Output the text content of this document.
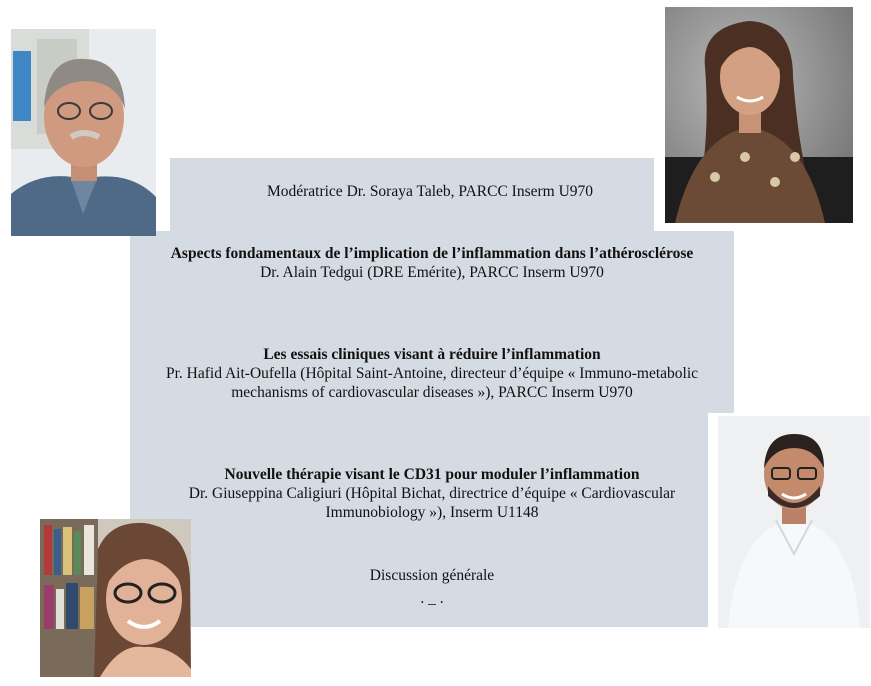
Modératrice Dr. Soraya Taleb, PARCC Inserm U970
Aspects fondamentaux de l’implication de l’inflammation dans l’athérosclérose
Dr. Alain Tedgui (DRE Emérite), PARCC Inserm U970
Les essais cliniques visant à réduire l’inflammation
Pr. Hafid Ait-Oufella (Hôpital Saint-Antoine, directeur d’équipe « Immuno-metabolic
mechanisms of cardiovascular diseases »), PARCC Inserm U970
Nouvelle thérapie visant le CD31 pour moduler l’inflammation
Dr. Giuseppina Caligiuri (Hôpital Bichat, directrice d’équipe « Cardiovascular
Immunobiology »), Inserm U1148
Discussion générale
. _ .
